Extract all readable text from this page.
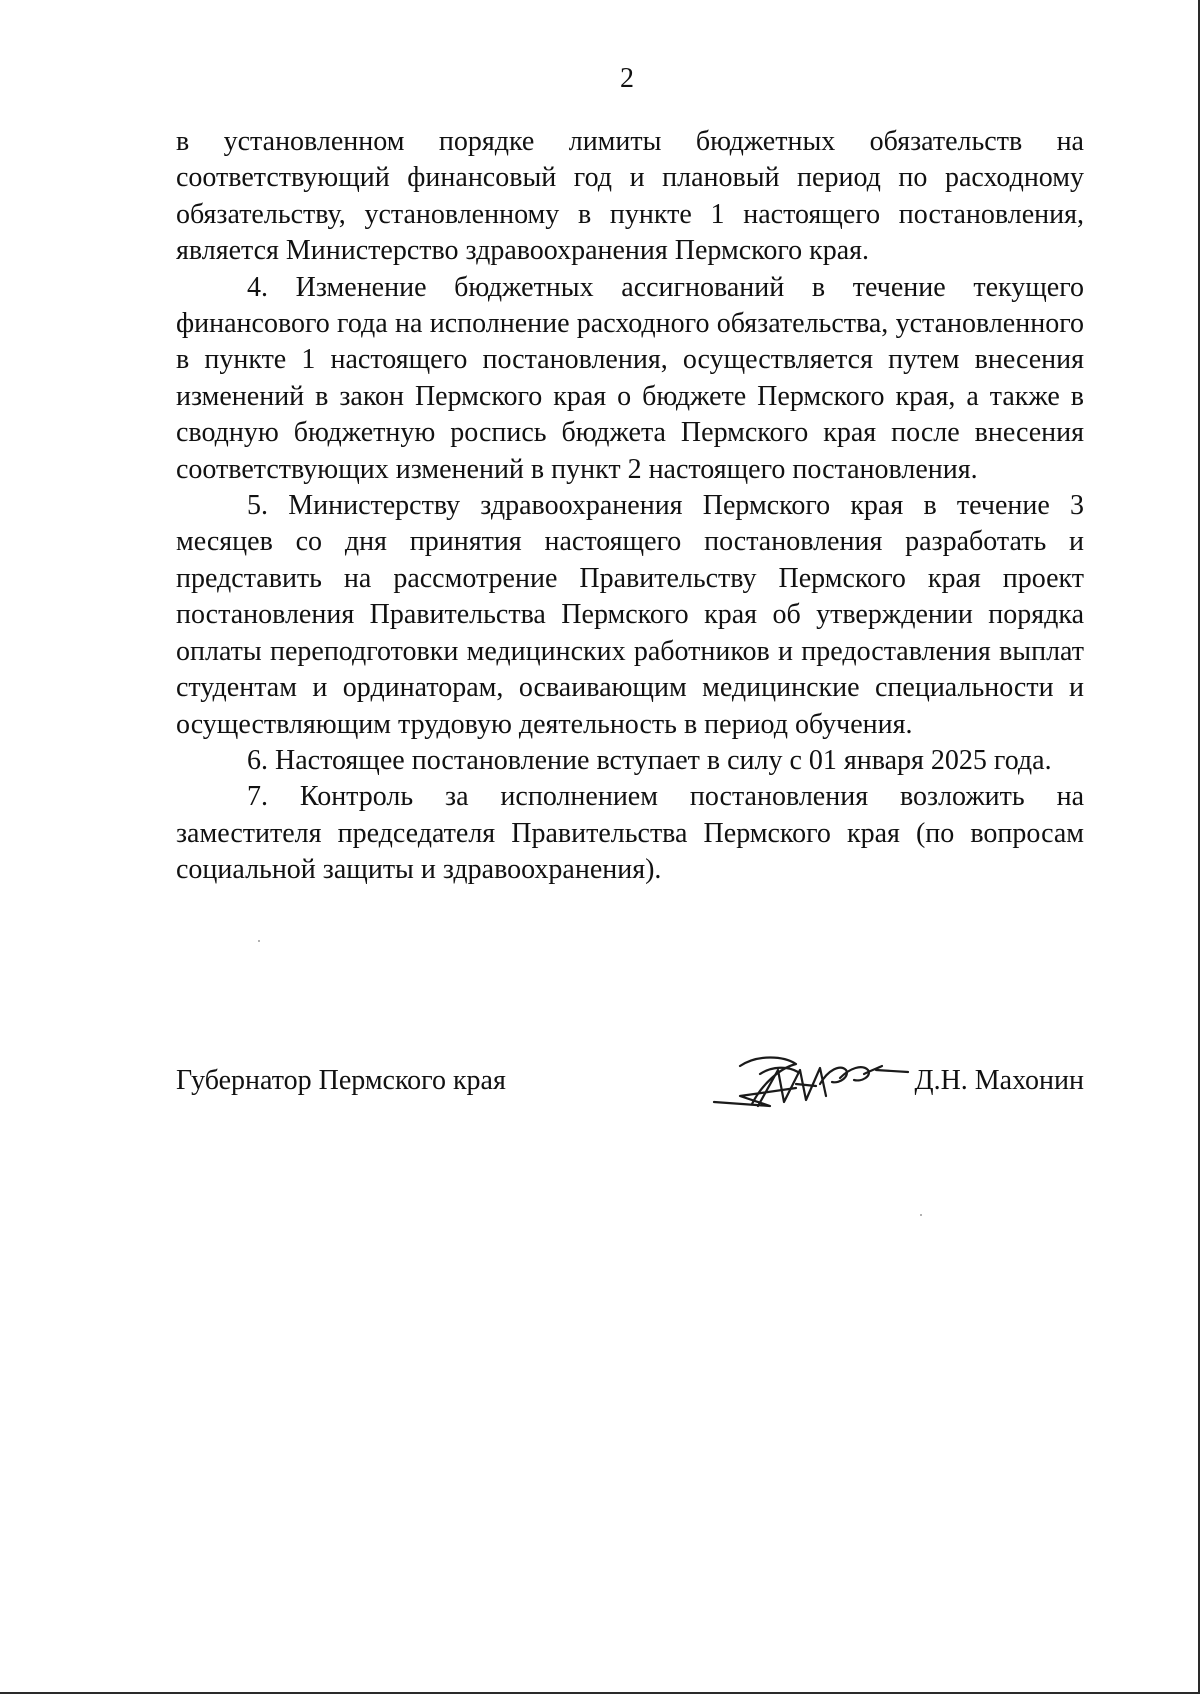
2

в установленном порядке лимиты бюджетных обязательств на соответствующий финансовый год и плановый период по расходному обязательству, установленному в пункте 1 настоящего постановления, является Министерство здравоохранения Пермского края.

4. Изменение бюджетных ассигнований в течение текущего финансового года на исполнение расходного обязательства, установленного в пункте 1 настоящего постановления, осуществляется путем внесения изменений в закон Пермского края о бюджете Пермского края, а также в сводную бюджетную роспись бюджета Пермского края после внесения соответствующих изменений в пункт 2 настоящего постановления.

5. Министерству здравоохранения Пермского края в течение 3 месяцев со дня принятия настоящего постановления разработать и представить на рассмотрение Правительству Пермского края проект постановления Правительства Пермского края об утверждении порядка оплаты переподготовки медицинских работников и предоставления выплат студентам и ординаторам, осваивающим медицинские специальности и осуществляющим трудовую деятельность в период обучения.

6. Настоящее постановление вступает в силу с 01 января 2025 года.

7. Контроль за исполнением постановления возложить на заместителя председателя Правительства Пермского края (по вопросам социальной защиты и здравоохранения).

Губернатор Пермского края	Д.Н. Махонин
